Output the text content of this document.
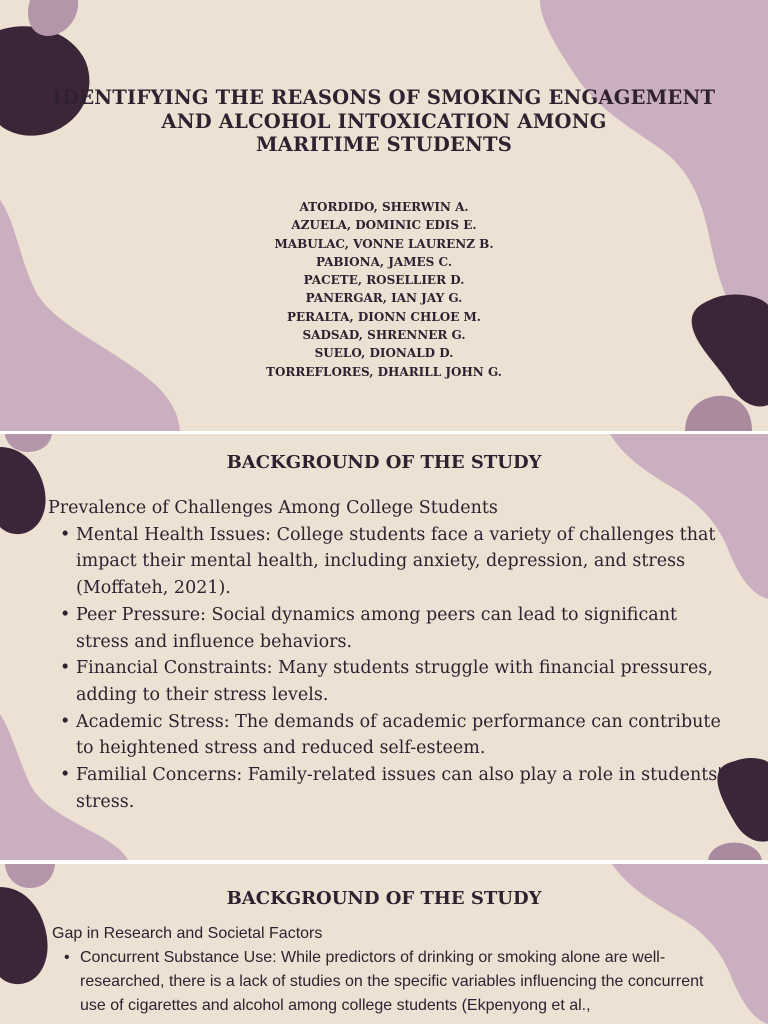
IDENTIFYING THE REASONS OF SMOKING ENGAGEMENT
AND ALCOHOL INTOXICATION AMONG
MARITIME STUDENTS
ATORDIDO, SHERWIN A.
AZUELA, DOMINIC EDIS E.
MABULAC, VONNE LAURENZ B.
PABIONA, JAMES C.
PACETE, ROSELLIER D.
PANERGAR, IAN JAY G.
PERALTA, DIONN CHLOE M.
SADSAD, SHRENNER G.
SUELO, DIONALD D.
TORREFLORES, DHARILL JOHN G.
BACKGROUND OF THE STUDY
Prevalence of Challenges Among College Students
• Mental Health Issues: College students face a variety of challenges that impact their mental health, including anxiety, depression, and stress (Moffateh, 2021).
• Peer Pressure: Social dynamics among peers can lead to significant stress and influence behaviors.
• Financial Constraints: Many students struggle with financial pressures, adding to their stress levels.
• Academic Stress: The demands of academic performance can contribute to heightened stress and reduced self-esteem.
• Familial Concerns: Family-related issues can also play a role in students' stress.
BACKGROUND OF THE STUDY
Gap in Research and Societal Factors
• Concurrent Substance Use: While predictors of drinking or smoking alone are well-researched, there is a lack of studies on the specific variables influencing the concurrent use of cigarettes and alcohol among college students (Ekpenyong et al.,
